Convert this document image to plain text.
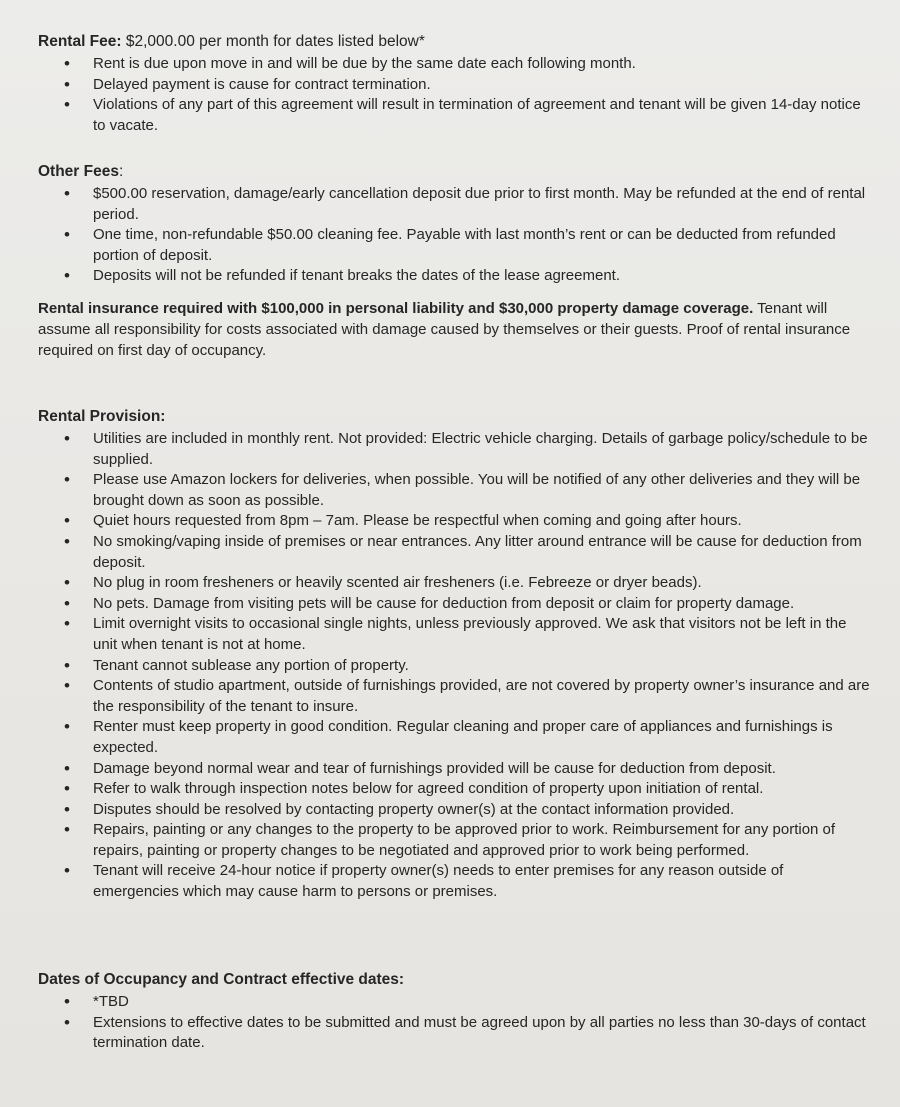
Rental Fee: $2,000.00 per month for dates listed below*

• Rent is due upon move in and will be due by the same date each following month.
• Delayed payment is cause for contract termination.
• Violations of any part of this agreement will result in termination of agreement and tenant will be given 14-day notice to vacate.

Other Fees:

• $500.00 reservation, damage/early cancellation deposit due prior to first month. May be refunded at the end of rental period.
• One time, non-refundable $50.00 cleaning fee. Payable with last month’s rent or can be deducted from refunded portion of deposit.
• Deposits will not be refunded if tenant breaks the dates of the lease agreement.

Rental insurance required with $100,000 in personal liability and $30,000 property damage coverage. Tenant will assume all responsibility for costs associated with damage caused by themselves or their guests. Proof of rental insurance required on first day of occupancy.

Rental Provision:

• Utilities are included in monthly rent. Not provided: Electric vehicle charging. Details of garbage policy/schedule to be supplied.
• Please use Amazon lockers for deliveries, when possible. You will be notified of any other deliveries and they will be brought down as soon as possible.
• Quiet hours requested from 8pm – 7am. Please be respectful when coming and going after hours.
• No smoking/vaping inside of premises or near entrances. Any litter around entrance will be cause for deduction from deposit.
• No plug in room fresheners or heavily scented air fresheners (i.e. Febreeze or dryer beads).
• No pets. Damage from visiting pets will be cause for deduction from deposit or claim for property damage.
• Limit overnight visits to occasional single nights, unless previously approved. We ask that visitors not be left in the unit when tenant is not at home.
• Tenant cannot sublease any portion of property.
• Contents of studio apartment, outside of furnishings provided, are not covered by property owner’s insurance and are the responsibility of the tenant to insure.
• Renter must keep property in good condition. Regular cleaning and proper care of appliances and furnishings is expected.
• Damage beyond normal wear and tear of furnishings provided will be cause for deduction from deposit.
• Refer to walk through inspection notes below for agreed condition of property upon initiation of rental.
• Disputes should be resolved by contacting property owner(s) at the contact information provided.
• Repairs, painting or any changes to the property to be approved prior to work. Reimbursement for any portion of repairs, painting or property changes to be negotiated and approved prior to work being performed.
• Tenant will receive 24-hour notice if property owner(s) needs to enter premises for any reason outside of emergencies which may cause harm to persons or premises.

Dates of Occupancy and Contract effective dates:

• *TBD
• Extensions to effective dates to be submitted and must be agreed upon by all parties no less than 30-days of contact termination date.
